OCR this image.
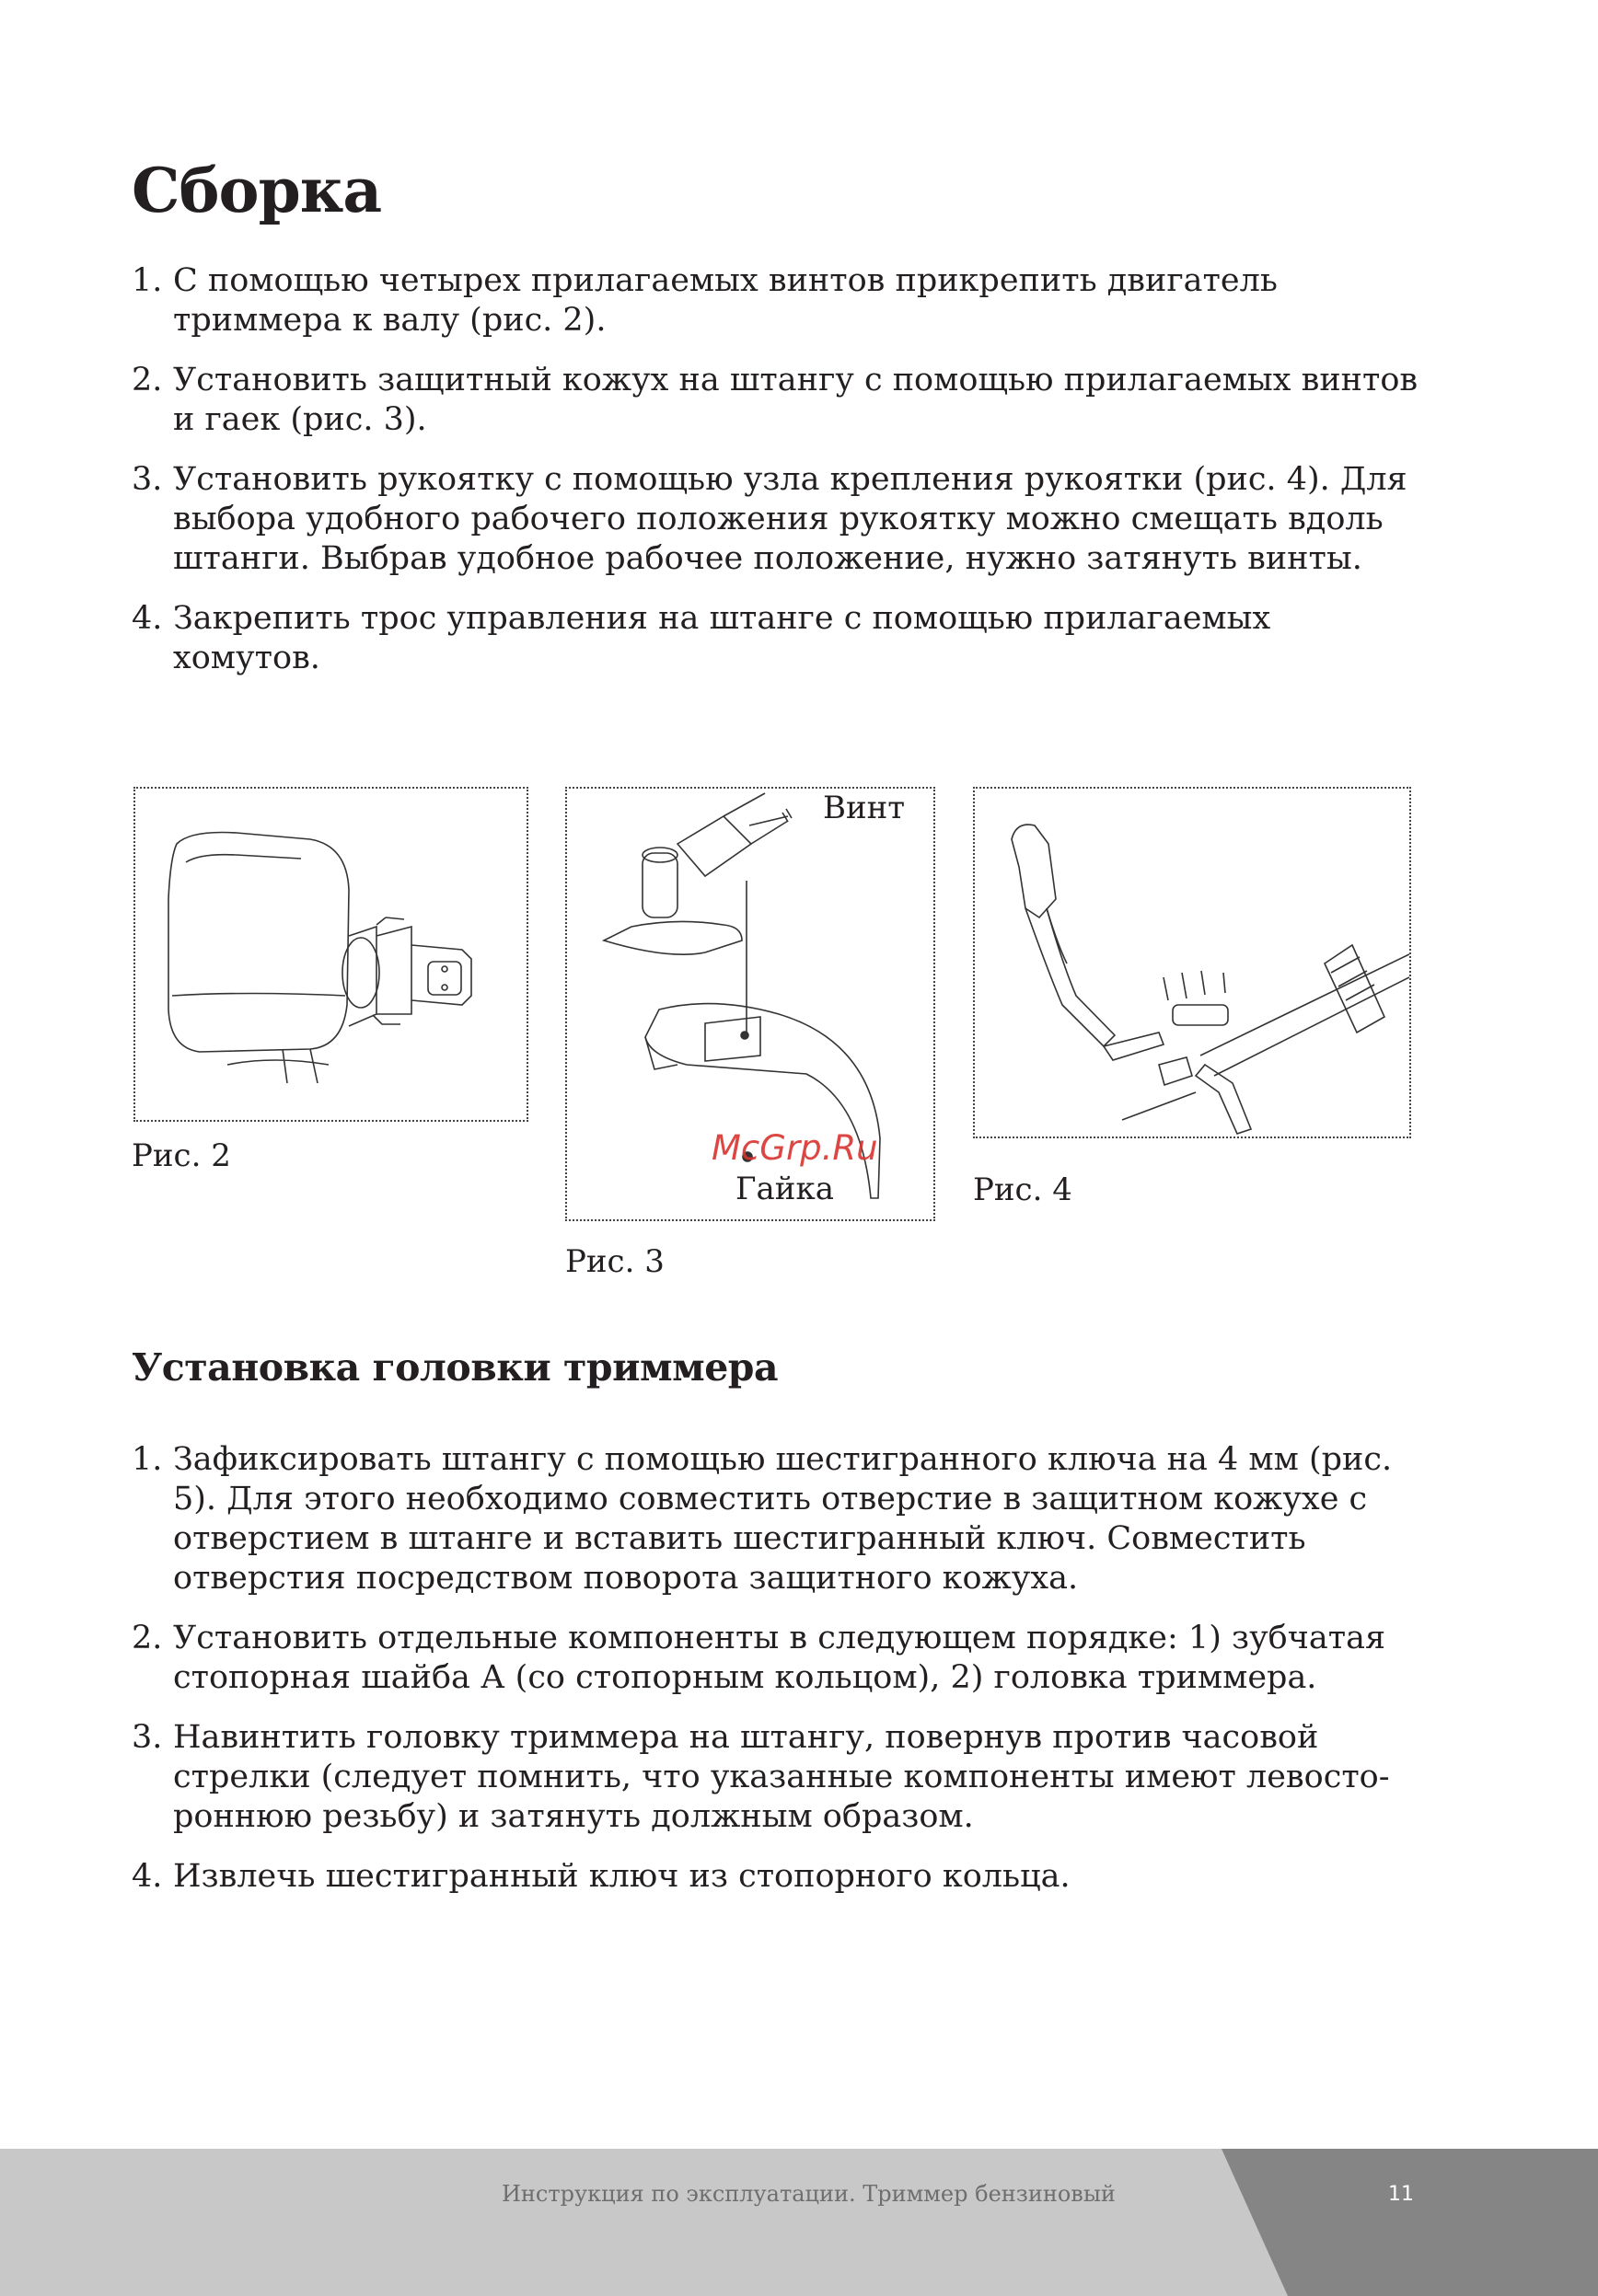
Сборка
1. С помощью четырех прилагаемых винтов прикрепить двигатель триммера к валу (рис. 2).
2. Установить защитный кожух на штангу с помощью прилагаемых винтов и гаек (рис. 3).
3. Установить рукоятку с помощью узла крепления рукоятки (рис. 4). Для выбора удобного рабочего положения рукоятку можно смещать вдоль штанги. Выбрав удобное рабочее положение, нужно затянуть винты.
4. Закрепить трос управления на штанге с помощью прилагаемых хомутов.
Рис. 2
Винт
Гайка
Рис. 3
Рис. 4
McGrp.Ru
Установка головки триммера
1. Зафиксировать штангу с помощью шестигранного ключа на 4 мм (рис. 5). Для этого необходимо совместить отверстие в защитном кожухе с отверстием в штанге и вставить шестигранный ключ. Совместить отверстия посредством поворота защитного кожуха.
2. Установить отдельные компоненты в следующем порядке: 1) зубчатая стопорная шайба А (со стопорным кольцом), 2) головка триммера.
3. Навинтить головку триммера на штангу, повернув против часовой стрелки (следует помнить, что указанные компоненты имеют левостороннюю резьбу) и затянуть должным образом.
4. Извлечь шестигранный ключ из стопорного кольца.
Инструкция по эксплуатации. Триммер бензиновый	11
